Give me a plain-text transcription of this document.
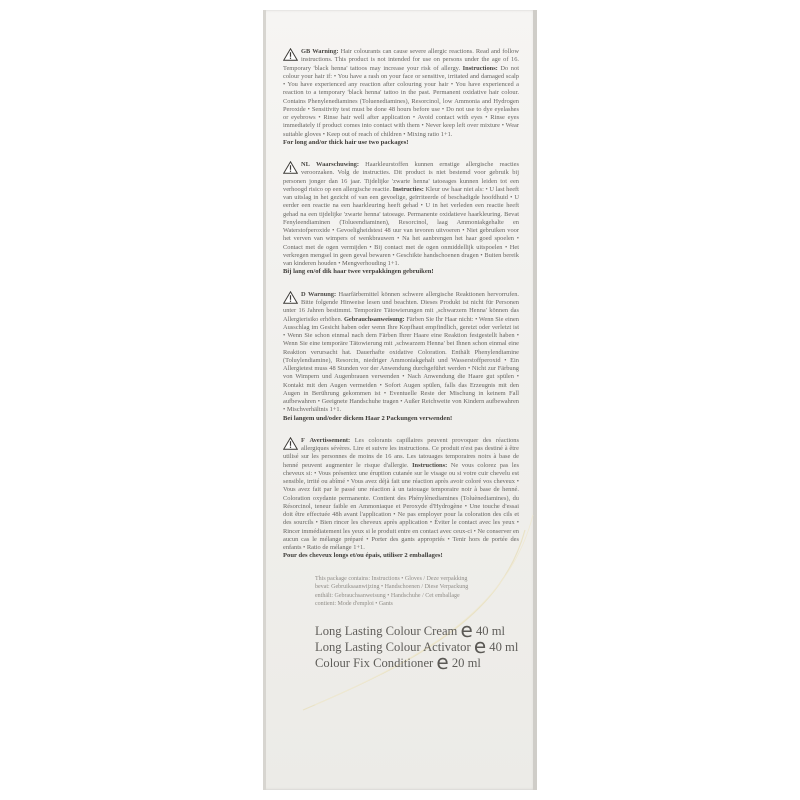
GB Warning: Hair colourants can cause severe allergic reactions. Read and follow instructions. This product is not intended for use on persons under the age of 16. Temporary 'black henna' tattoos may increase your risk of allergy. Instructions: Do not colour your hair if: • You have a rash on your face or sensitive, irritated and damaged scalp • You have experienced any reaction after colouring your hair • You have experienced a reaction to a temporary 'black henna' tattoo in the past. Permanent oxidative hair colour. Contains Phenylenediamines (Toluenediamines), Resorcinol, low Ammonia and Hydrogen Peroxide • Sensitivity test must be done 48 hours before use • Do not use to dye eyelashes or eyebrows • Rinse hair well after application • Avoid contact with eyes • Rinse eyes immediately if product comes into contact with them • Never keep left over mixture • Wear suitable gloves • Keep out of reach of children • Mixing ratio 1+1.

For long and/or thick hair use two packages!

NL Waarschuwing: Haarkleurstoffen kunnen ernstige allergische reacties veroorzaken. Volg de instructies. Dit product is niet bestemd voor gebruik bij personen jonger dan 16 jaar. Tijdelijke 'zwarte henna' tatoeages kunnen leiden tot een verhoogd risico op een allergische reactie. Instructies: Kleur uw haar niet als: • U last heeft van uitslag in het gezicht of van een gevoelige, geïrriteerde of beschadigde hoofdhuid • U eerder een reactie na een haarkleuring heeft gehad • U in het verleden een reactie heeft gehad na een tijdelijke 'zwarte henna' tatoeage. Permanente oxidatieve haarkleuring. Bevat Fenyleendiaminen (Tolueendiaminen), Resorcinol, laag Ammoniakgehalte en Waterstofperoxide • Gevoeligheidstest 48 uur van tevoren uitvoeren • Niet gebruiken voor het verven van wimpers of wenkbrauwen • Na het aanbrengen het haar goed spoelen • Contact met de ogen vermijden • Bij contact met de ogen onmiddellijk uitspoelen • Het verkregen mengsel in geen geval bewaren • Geschikte handschoenen dragen • Buiten bereik van kinderen houden • Mengverhouding 1+1.

Bij lang en/of dik haar twee verpakkingen gebruiken!

D Warnung: Haarfärbemittel können schwere allergische Reaktionen hervorrufen. Bitte folgende Hinweise lesen und beachten. Dieses Produkt ist nicht für Personen unter 16 Jahren bestimmt. Temporäre Tätowierungen mit ‚schwarzem Henna' können das Allergierisiko erhöhen. Gebrauchsanweisung: Färben Sie Ihr Haar nicht: • Wenn Sie einen Ausschlag im Gesicht haben oder wenn Ihre Kopfhaut empfindlich, gereizt oder verletzt ist • Wenn Sie schon einmal nach dem Färben Ihrer Haare eine Reaktion festgestellt haben • Wenn Sie eine temporäre Tätowierung mit ‚schwarzem Henna' bei Ihnen schon einmal eine Reaktion verursacht hat. Dauerhafte oxidative Coloration. Enthält Phenylendiamine (Toluylendiamine), Resorcin, niedriger Ammoniakgehalt und Wasserstoffperoxid • Ein Allergietest muss 48 Stunden vor der Anwendung durchgeführt werden • Nicht zur Färbung von Wimpern und Augenbrauen verwenden • Nach Anwendung die Haare gut spülen • Kontakt mit den Augen vermeiden • Sofort Augen spülen, falls das Erzeugnis mit den Augen in Berührung gekommen ist • Eventuelle Reste der Mischung in keinem Fall aufbewahren • Geeignete Handschuhe tragen • Außer Reichweite von Kindern aufbewahren • Mischverhältnis 1+1.

Bei langem und/oder dickem Haar 2 Packungen verwenden!

F Avertissement: Les colorants capillaires peuvent provoquer des réactions allergiques sévères. Lire et suivre les instructions. Ce produit n'est pas destiné à être utilisé sur les personnes de moins de 16 ans. Les tatouages temporaires noirs à base de henné peuvent augmenter le risque d'allergie. Instructions: Ne vous colorez pas les cheveux si: • Vous présentez une éruption cutanée sur le visage ou si votre cuir chevelu est sensible, irrité ou abîmé • Vous avez déjà fait une réaction après avoir coloré vos cheveux • Vous avez fait par le passé une réaction à un tatouage temporaire noir à base de henné. Coloration oxydante permanente. Contient des Phénylènediamines (Toluènediamines), du Résorcinol, teneur faible en Ammoniaque et Peroxyde d'Hydrogène • Une touche d'essai doit être effectuée 48h avant l'application • Ne pas employer pour la coloration des cils et des sourcils • Bien rincer les cheveux après application • Éviter le contact avec les yeux • Rincer immédiatement les yeux si le produit entre en contact avec ceux-ci • Ne conserver en aucun cas le mélange préparé • Porter des gants appropriés • Tenir hors de portée des enfants • Ratio de mélange 1+1.

Pour des cheveux longs et/ou épais, utiliser 2 emballages!

This package contains: Instructions • Gloves / Deze verpakking

bevat: Gebruiksaanwijzing • Handschoenen / Diese Verpackung

enthält: Gebrauchsanweisung • Handschuhe / Cet emballage

contient: Mode d'emploi • Gants

Long Lasting Colour Cream e 40 ml
Long Lasting Colour Activator e 40 ml
Colour Fix Conditioner e 20 ml
